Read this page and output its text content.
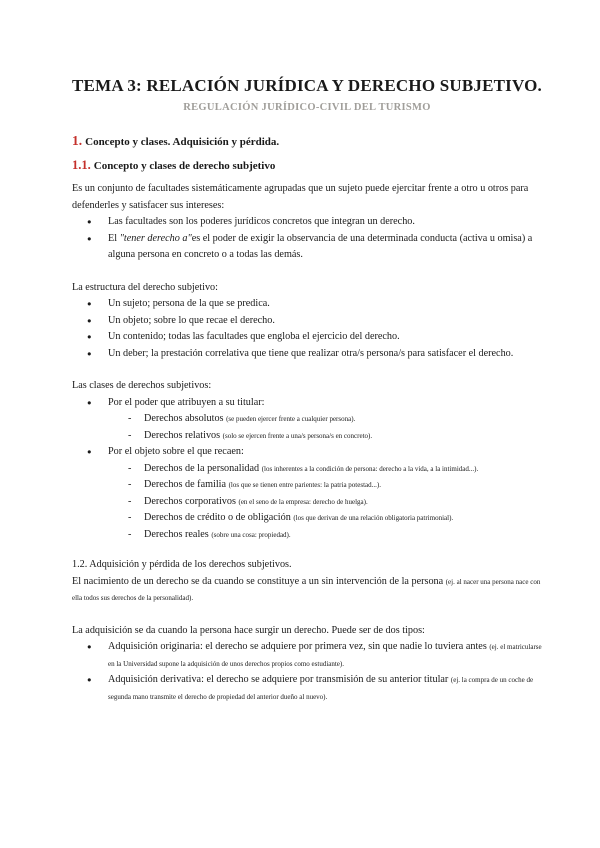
TEMA 3: RELACIÓN JURÍDICA Y DERECHO SUBJETIVO.
REGULACIÓN JURÍDICO-CIVIL DEL TURISMO
1. Concepto y clases. Adquisición y pérdida.
1.1. Concepto y clases de derecho subjetivo

Es un conjunto de facultades sistemáticamente agrupadas que un sujeto puede ejercitar frente a otro u otros para defenderles y satisfacer sus intereses:

● Las facultades son los poderes jurídicos concretos que integran un derecho.
● El "tener derecho a"es el poder de exigir la observancia de una determinada conducta (activa u omisa) a alguna persona en concreto o a todas las demás.

La estructura del derecho subjetivo:

● Un sujeto; persona de la que se predica.
● Un objeto; sobre lo que recae el derecho.
● Un contenido; todas las facultades que engloba el ejercicio del derecho.
● Un deber; la prestación correlativa que tiene que realizar otra/s persona/s para satisfacer el derecho.

Las clases de derechos subjetivos:

● Por el poder que atribuyen a su titular:
- Derechos absolutos (se pueden ejercer frente a cualquier persona).
- Derechos relativos (solo se ejercen frente a una/s persona/s en concreto).
● Por el objeto sobre el que recaen:
- Derechos de la personalidad (los inherentes a la condición de persona: derecho a la vida, a la intimidad...).
- Derechos de familia (los que se tienen entre parientes: la patria potestad...).
- Derechos corporativos (en el seno de la empresa: derecho de huelga).
- Derechos de crédito o de obligación (los que derivan de una relación obligatoria patrimonial).
- Derechos reales (sobre una cosa: propiedad).

1.2. Adquisición y pérdida de los derechos subjetivos.

El nacimiento de un derecho se da cuando se constituye a un sin intervención de la persona (ej. al nacer una persona nace con ella todos sus derechos de la personalidad).

La adquisición se da cuando la persona hace surgir un derecho. Puede ser de dos tipos:

● Adquisición originaria: el derecho se adquiere por primera vez, sin que nadie lo tuviera antes (ej. el matricularse en la Universidad supone la adquisición de unos derechos propios como estudiante).
● Adquisición derivativa: el derecho se adquiere por transmisión de su anterior titular (ej. la compra de un coche de segunda mano transmite el derecho de propiedad del anterior dueño al nuevo).
